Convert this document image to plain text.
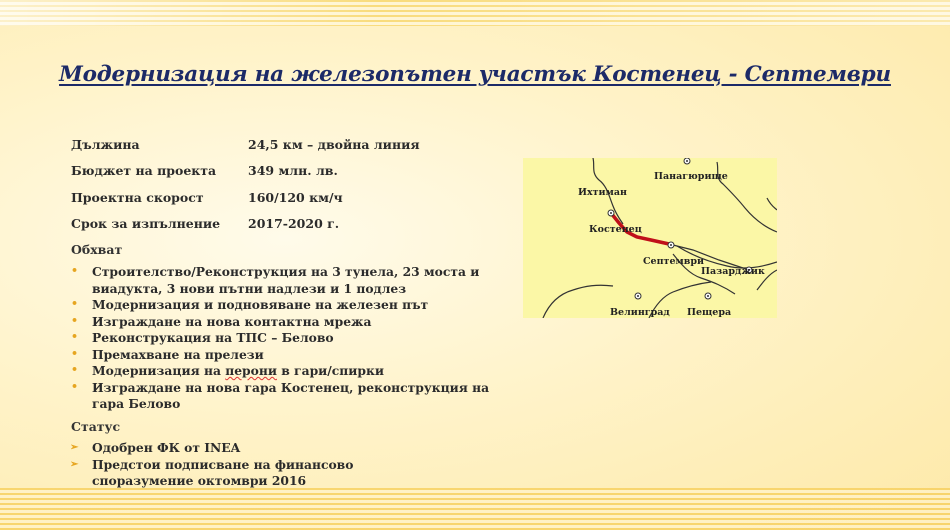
Модернизация на железопътен участък Костенец - Септември
Дължина	24,5 км – двойна линия
Бюджет на проекта	349 млн. лв.
Проектна скорост	160/120 км/ч
Срок за изпълнение 2017-2020 г.
Обхват
• Строителство/Реконструкция на 3 тунела, 23 моста и виадукта, 3 нови пътни надлези и 1 подлез
• Модернизация и подновяване на железен път
• Изграждане на нова контактна мрежа
• Реконструкация на ТПС – Белово
• Премахване на прелези
• Модернизация на перони в гари/спирки
• Изграждане на нова гара Костенец, реконструкция на гара Белово
Статус
➢ Одобрен ФК от INEA
➢ Предстои подписване на финансово споразумение октомври 2016
Ихтиман
Панагюрище
Костенец
Септември
Пазарджик
Велинград Пещера
